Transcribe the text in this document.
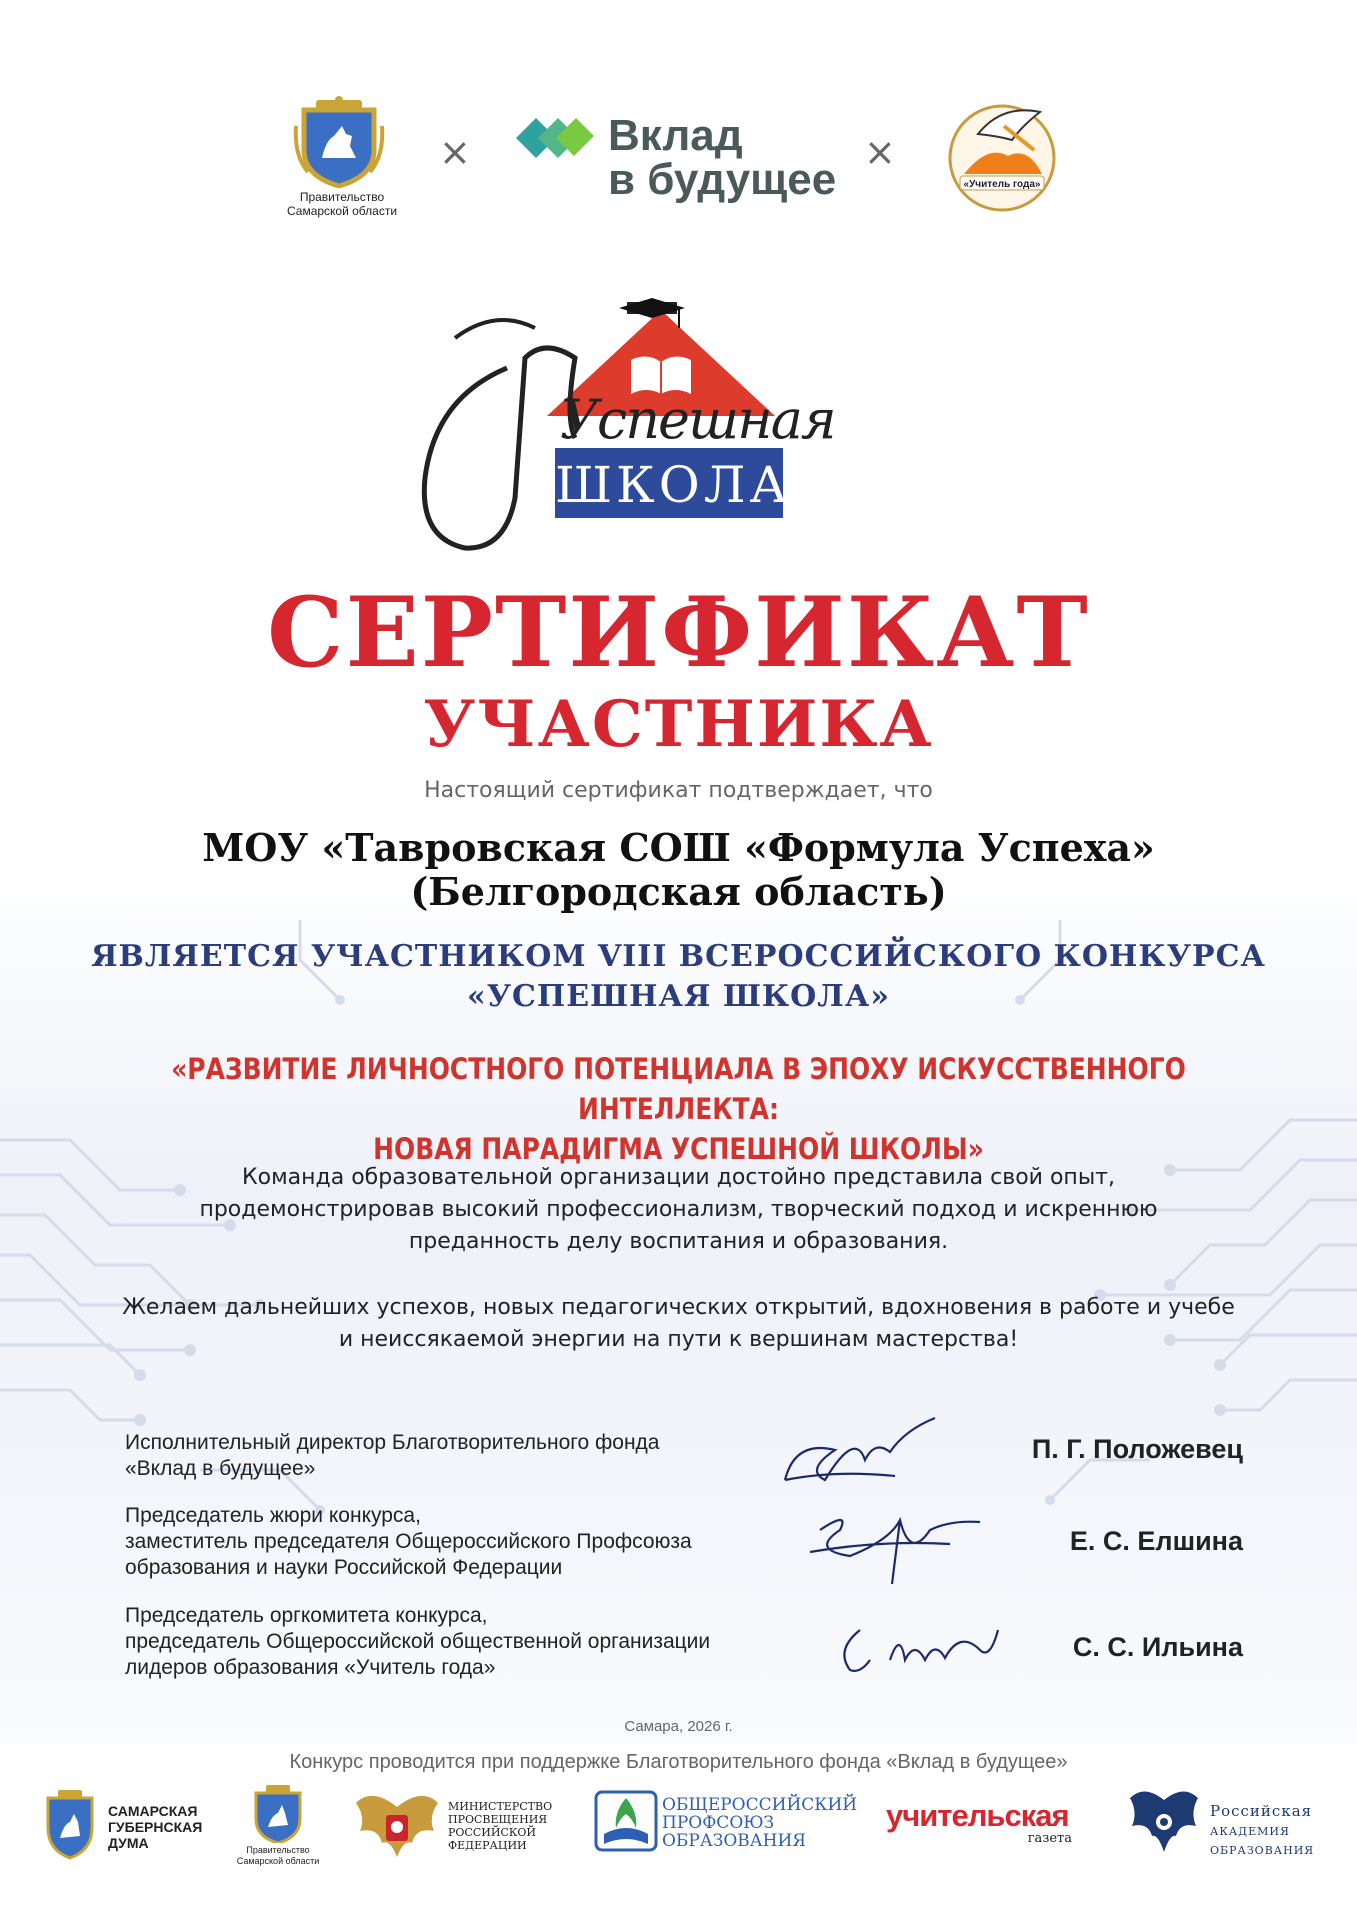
Правительство
Самарской области
×	Вклад
в будущее
×
«Учитель года»
Успешная
ШКОЛА
СЕРТИФИКАТ
УЧАСТНИКА
Настоящий сертификат подтверждает, что
МОУ «Тавровская СОШ «Формула Успеха»
(Белгородская область)
ЯВЛЯЕТСЯ УЧАСТНИКОМ VIII ВСЕРОССИЙСКОГО КОНКУРСА
«УСПЕШНАЯ ШКОЛА»
«РАЗВИТИЕ ЛИЧНОСТНОГО ПОТЕНЦИАЛА В ЭПОХУ ИСКУССТВЕННОГО ИНТЕЛЛЕКТА:
НОВАЯ ПАРАДИГМА УСПЕШНОЙ ШКОЛЫ»
Команда образовательной организации достойно представила свой опыт,
продемонстрировав высокий профессионализм, творческий подход и искреннюю
преданность делу воспитания и образования.
Желаем дальнейших успехов, новых педагогических открытий, вдохновения в работе и учебе
и неиссякаемой энергии на пути к вершинам мастерства!
Исполнительный директор Благотворительного фонда
«Вклад в будущее»
П. Г. Положевец
Председатель жюри конкурса,
заместитель председателя Общероссийского Профсоюза
образования и науки Российской Федерации
Е. С. Елшина
Председатель оргкомитета конкурса,
председатель Общероссийской общественной организации
лидеров образования «Учитель года»
С. С. Ильина
Самара, 2026 г.
Конкурс проводится при поддержке Благотворительного фонда «Вклад в будущее»
САМАРСКАЯ
ГУБЕРНСКАЯ
ДУМА	Правительство
Самарской области
МИНИСТЕРСТВО
ПРОСВЕЩЕНИЯ
РОССИЙСКОЙ
ФЕДЕРАЦИИ
ОБЩЕРОССИЙСКИЙ
ПРОФСОЮЗ
ОБРАЗОВАНИЯ
учительская
газета
Российская
академия
образования
